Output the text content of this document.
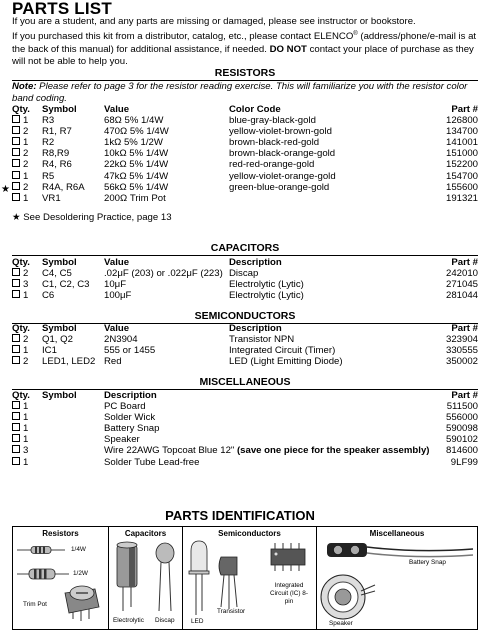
PARTS LIST

If you are a student, and any parts are missing or damaged, please see instructor or bookstore.

If you purchased this kit from a distributor, catalog, etc., please contact ELENCO® (address/phone/e-mail is at the back of this manual) for additional assistance, if needed. DO NOT contact your place of purchase as they will not be able to help you.

RESISTORS
Note: Please refer to page 3 for the resistor reading exercise. This will familiarize you with the resistor color band coding.
Qty.	Symbol	Value	Color Code	Part #
1	R3	68Ω 5% 1/4W	blue-gray-black-gold	126800
2	R1, R7	470Ω 5% 1/4W	yellow-violet-brown-gold	134700
1	R2	1kΩ 5% 1/2W	brown-black-red-gold	141001
2	R8,R9	10kΩ 5% 1/4W	brown-black-orange-gold	151000
2	R4, R6	22kΩ 5% 1/4W	red-red-orange-gold	152200
1	R5	47kΩ 5% 1/4W	yellow-violet-orange-gold	154700
2	R4A, R6A	56kΩ 5% 1/4W	green-blue-orange-gold	155600
1	VR1	200Ω Trim Pot		191321
★
★ See Desoldering Practice, page 13
CAPACITORS
Qty.	Symbol	Value	Description	Part #
2	C4, C5	.02μF (203) or .022μF (223)	Discap	242010
3	C1, C2, C3	10μF	Electrolytic (Lytic)	271045
1	C6	100μF	Electrolytic (Lytic)	281044
SEMICONDUCTORS
Qty.	Symbol	Value	Description	Part #
2	Q1, Q2	2N3904	Transistor NPN	323904
1	IC1	555 or 1455	Integrated Circuit (Timer)	330555
2	LED1, LED2	Red	LED (Light Emitting Diode)	350002
MISCELLANEOUS
Qty.	Symbol	Description	Part #
1		PC Board	511500
1		Solder Wick	556000
1		Battery Snap	590098
1		Speaker	590102
3		Wire 22AWG Topcoat Blue 12" (save one piece for the speaker assembly)	814600
1		Solder Tube Lead-free	9LF99
PARTS IDENTIFICATION
Resistors
1/4W
1/2W
Trim Pot
Capacitors
Electrolytic Discap
Semiconductors
LED
Transistor
Integrated Circuit (IC) 8-pin
Miscellaneous
Battery Snap
Speaker
